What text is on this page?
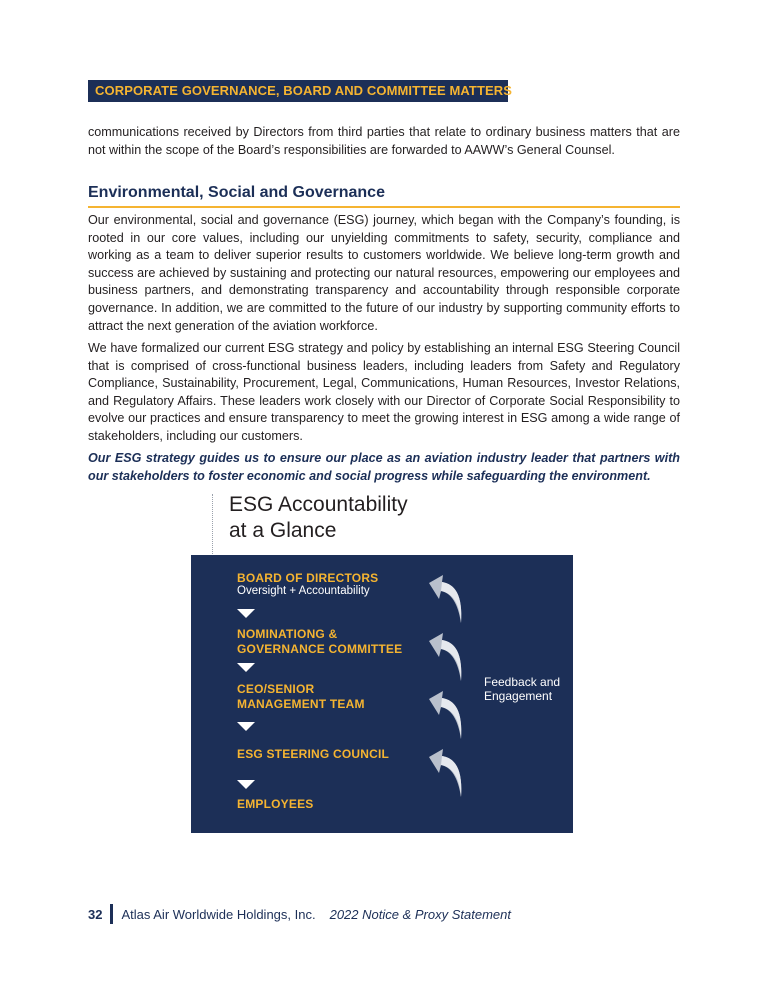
CORPORATE GOVERNANCE, BOARD AND COMMITTEE MATTERS

communications received by Directors from third parties that relate to ordinary business matters that are not within the scope of the Board’s responsibilities are forwarded to AAWW’s General Counsel.

Environmental, Social and Governance

Our environmental, social and governance (ESG) journey, which began with the Company’s founding, is rooted in our core values, including our unyielding commitments to safety, security, compliance and working as a team to deliver superior results to customers worldwide. We believe long-term growth and success are achieved by sustaining and protecting our natural resources, empowering our employees and business partners, and demonstrating transparency and accountability through responsible corporate governance. In addition, we are committed to the future of our industry by supporting community efforts to attract the next generation of the aviation workforce.

We have formalized our current ESG strategy and policy by establishing an internal ESG Steering Council that is comprised of cross-functional business leaders, including leaders from Safety and Regulatory Compliance, Sustainability, Procurement, Legal, Communications, Human Resources, Investor Relations, and Regulatory Affairs. These leaders work closely with our Director of Corporate Social Responsibility to evolve our practices and ensure transparency to meet the growing interest in ESG among a wide range of stakeholders, including our customers.

Our ESG strategy guides us to ensure our place as an aviation industry leader that partners with our stakeholders to foster economic and social progress while safeguarding the environment.

ESG Accountability
at a Glance

BOARD OF DIRECTORS

Oversight + Accountability

NOMINATIONG &
GOVERNANCE COMMITTEE
CEO/SENIOR
MANAGEMENT TEAM

ESG STEERING COUNCIL

EMPLOYEES

Feedback and
Engagement
32 Atlas Air Worldwide Holdings, Inc. 2022 Notice & Proxy Statement
